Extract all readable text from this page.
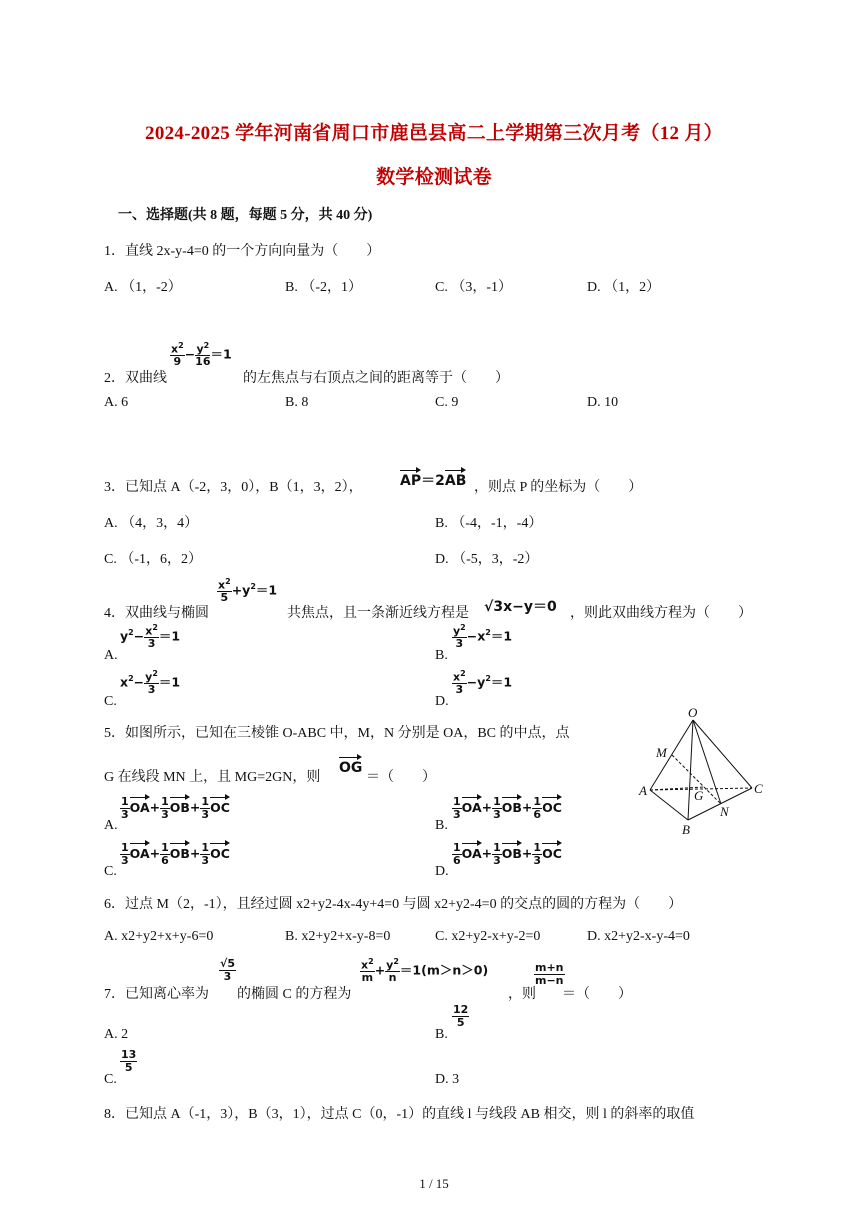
2024-2025 学年河南省周口市鹿邑县高二上学期第三次月考（12 月）
数学检测试卷
一、选择题(共 8 题，每题 5 分，共 40 分)
1．直线 2x-y-4=0 的一个方向向量为（　　）
A. （1，-2）	B. （-2，1）	C. （3，-1）	D. （1，2）
$\frac{x^2}{9} - \frac{y^2}{16} =1$
2．双曲线	的左焦点与右顶点之间的距离等于（　　）
A. 6	B. 8	C. 9	D. 10
3．已知点 A（-2，3，0），B（1，3，2），	AP＝2AB ，则点 P 的坐标为（　　）
A. （4，3，4）	B. （-4，-1，-4）
C. （-1，6，2）	D. （-5，3，-2）
$\frac{x^2}{5} +y^2=1$
4．双曲线与椭圆	共焦点，且一条渐近线方程是 √3x−y＝0 ，则此双曲线方程为（　　）
$y^2- \frac{x^2}{3} =1$
A.
$\frac{y^2}{3} -x^2=1$
B.
$x^2- \frac{y^2}{3} =1$
C.
$\frac{x^2}{3} -y^2=1$
D.
5．如图所示，已知在三棱锥 O-ABC 中，M，N 分别是 OA，BC 的中点，点
G 在线段 MN 上，且 MG=2GN，则
OG
＝（　　）
O
M
A	G
N
B
C
$\frac{1}{3} OA+ \frac{1}{3} OB+ \frac{1}{3}$ OC
A.
$\frac{1}{3} OA+ \frac{1}{3} OB+ \frac{1}{6}$ OC
B.
$\frac{1}{3} OA+ \frac{1}{6} OB+ \frac{1}{3}$ OC
C.
$\frac{1}{6} OA+ \frac{1}{3} OB+ \frac{1}{3}$ OC
D.
6．过点 M（2，-1），且经过圆 x2+y2-4x-4y+4=0 与圆 x2+y2-4=0 的交点的圆的方程为（　　）
A. x2+y2+x+y-6=0	B. x2+y2+x-y-8=0	C. x2+y2-x+y-2=0	D. x2+y2-x-y-4=0
7．已知离心率为
$\frac{√5}{3}$
的椭圆 C 的方程为
$\frac{x^2}{m} + \frac{y^2}{n} =1(m>n>0)$
，则
$\frac{m+n}{m-n}$
＝（　　）
A. 2	B.
$\frac{12}{5}$
C.
$\frac{13}{5}$
D. 3
8．已知点 A（-1，3），B（3，1），过点 C（0，-1）的直线 l 与线段 AB 相交，则 l 的斜率的取值
1 / 15
